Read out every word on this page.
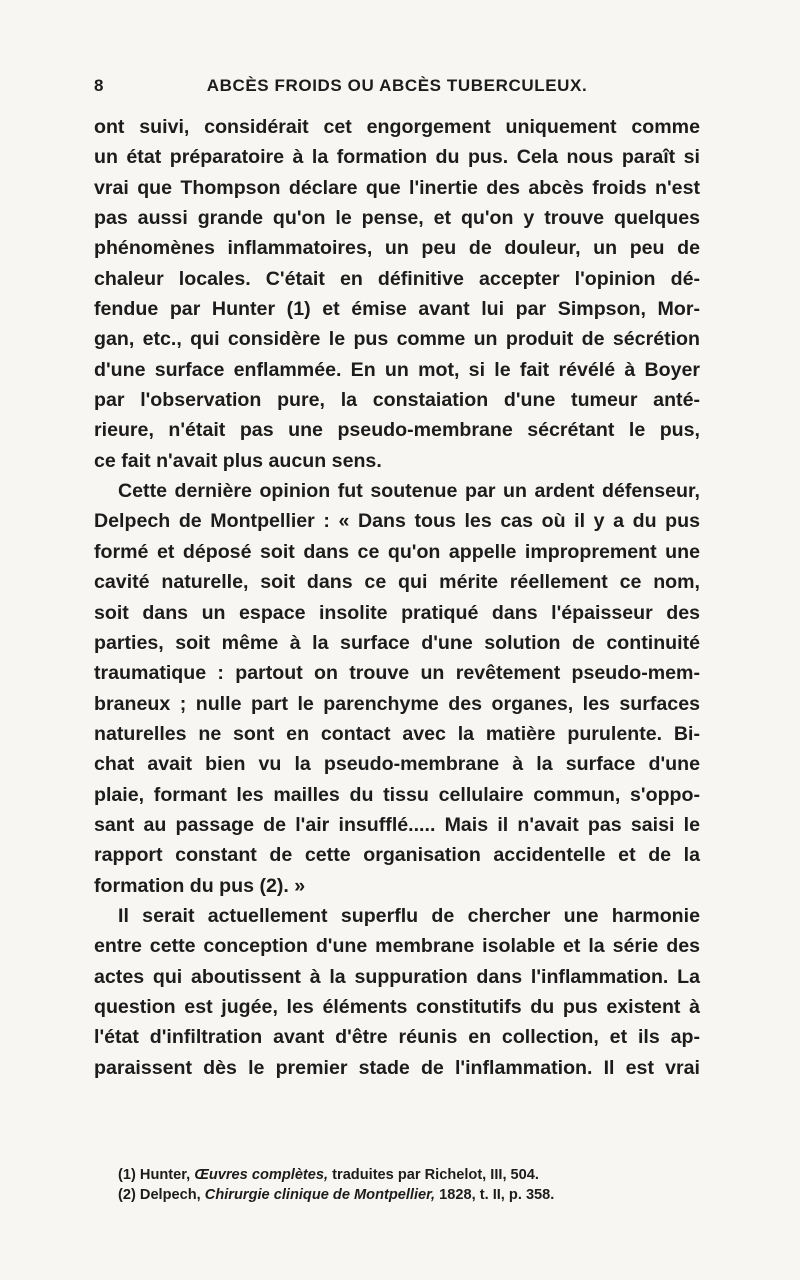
8	ABCÈS FROIDS OU ABCÈS TUBERCULEUX.
ont suivi, considérait cet engorgement uniquement comme
un état préparatoire à la formation du pus. Cela nous paraît si
vrai que Thompson déclare que l'inertie des abcès froids n'est
pas aussi grande qu'on le pense, et qu'on y trouve quelques
phénomènes inflammatoires, un peu de douleur, un peu de
chaleur locales. C'était en définitive accepter l'opinion dé-
fendue par Hunter (1) et émise avant lui par Simpson, Mor-
gan, etc., qui considère le pus comme un produit de sécrétion
d'une surface enflammée. En un mot, si le fait révélé à Boyer
par l'observation pure, la constaiation d'une tumeur anté-
rieure, n'était pas une pseudo-membrane sécrétant le pus,
ce fait n'avait plus aucun sens.
Cette dernière opinion fut soutenue par un ardent défenseur,
Delpech de Montpellier : « Dans tous les cas où il y a du pus
formé et déposé soit dans ce qu'on appelle improprement une
cavité naturelle, soit dans ce qui mérite réellement ce nom,
soit dans un espace insolite pratiqué dans l'épaisseur des
parties, soit même à la surface d'une solution de continuité
traumatique : partout on trouve un revêtement pseudo-mem-
braneux ; nulle part le parenchyme des organes, les surfaces
naturelles ne sont en contact avec la matière purulente. Bi-
chat avait bien vu la pseudo-membrane à la surface d'une
plaie, formant les mailles du tissu cellulaire commun, s'oppo-
sant au passage de l'air insufflé..... Mais il n'avait pas saisi le
rapport constant de cette organisation accidentelle et de la
formation du pus (2). »
Il serait actuellement superflu de chercher une harmonie
entre cette conception d'une membrane isolable et la série des
actes qui aboutissent à la suppuration dans l'inflammation. La
question est jugée, les éléments constitutifs du pus existent à
l'état d'infiltration avant d'être réunis en collection, et ils ap-
paraissent dès le premier stade de l'inflammation. Il est vrai
(1) Hunter, Œuvres complètes, traduites par Richelot, III, 504.
(2) Delpech, Chirurgie clinique de Montpellier, 1828, t. II, p. 358.
